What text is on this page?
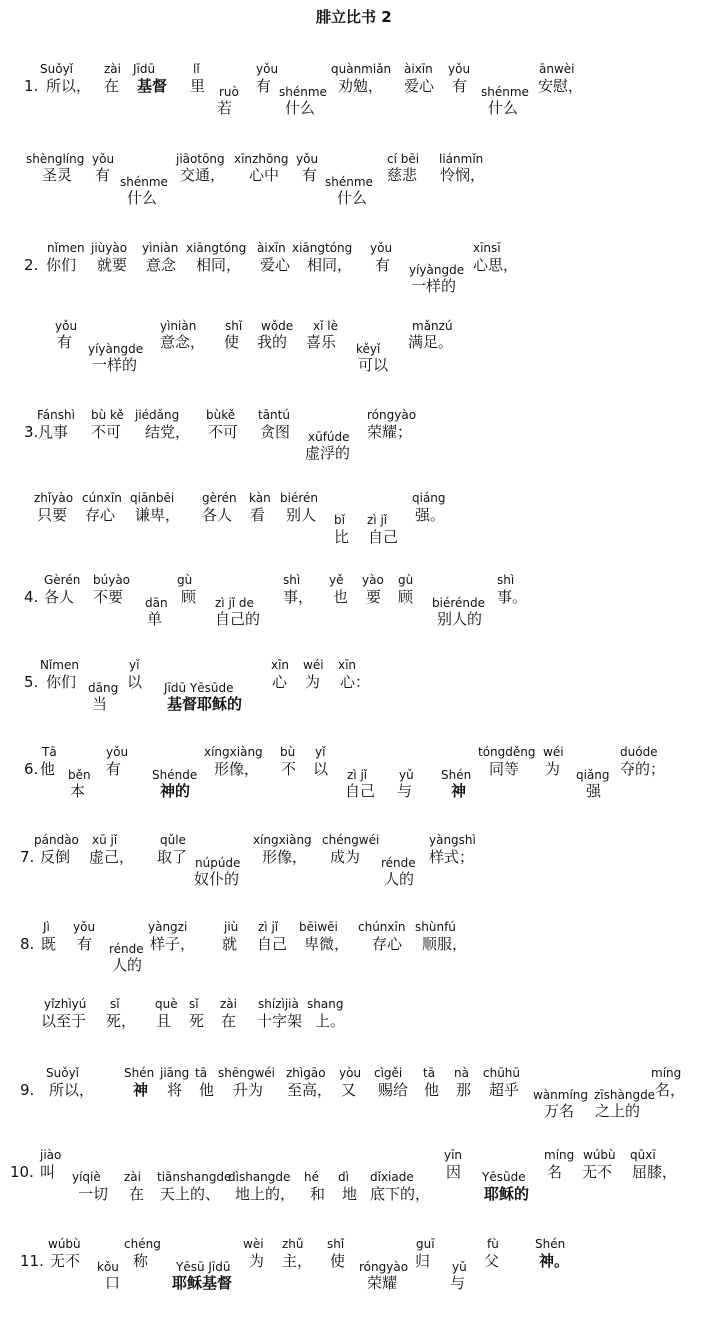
腓立比书 2
1.
Suǒyǐ
所以，
zài
在
Jīdū
基督
lǐ
里 ruò
若
yǒu
有 shénme
什么
quànmiǎn
劝勉，
àixīn
爱心
yǒu
有 shénme
什么
ānwèi
安慰，
shènglíng
圣灵
yǒu
有 shénme
什么
jiāotōng
交通，
xīnzhōng
心中
yǒu
有 shénme
什么
cí bēi
慈悲
liánmǐn
怜悯，
2.
nǐmen
你们
jiùyào
就要
yìniàn
意念
xiāngtóng
相同，
àixīn
爱心
xiāngtóng
相同，
yǒu
有 yíyàngde
一样的
xīnsī
心思，
yǒu
有 yíyàngde
一样的
yìniàn
意念，
shǐ
使
wǒde
我的
xǐ lè
喜乐 kěyǐ
可以
mǎnzú
满足。
3.
Fánshì
凡事
bù kě
不可
jiédǎng
结党，
bùkě
不可
tāntú
贪图 xūfúde
虚浮的
róngyào
荣耀；
zhǐyào
只要
cúnxīn
存心
qiānbēi
谦卑，
gèrén
各人
kàn
看
biérén
别人 bǐ
比
zì jǐ
自己
qiáng
强。
4.
Gèrén
各人
búyào
不要 dān
单
gù
顾 zì jǐ de
自己的
shì
事，
yě
也
yào
要
gù
顾 biérénde
别人的
shì
事。
5.
Nǐmen
你们 dāng
当
yǐ
以 Jīdū Yēsūde
基督耶稣的
xīn
心
wéi
为
xīn
心：
6.
Tā
他 běn
本
yǒu
有	Shénde
神的
xíngxiàng
形像，
bù
不
yǐ
以 zì jǐ
自己
yǔ
与
Shén
神
tóngděng
同等
wéi
为 qiǎng
强
duóde
夺的；
7.
pándào
反倒
xū jǐ
虚己，
qǔle
取了 núpúde
奴仆的
xíngxiàng
形像，
chéngwéi
成为 rénde
人的
yàngshì
样式；
8.
Jì
既
yǒu
有 rénde
人的
yàngzi
样子，
jiù
就
zì jǐ
自己
bēiwēi
卑微，
chúnxīn
存心
shùnfú
顺服，
yǐzhìyú
以至于
sǐ
死，
què
且
sǐ
死
zài
在
shízìjià
十字架
shang
上。
9.
Suǒyǐ
所以，
Shén
神
jiāng
将
tā
他
shēngwéi
升为
zhìgāo
至高，
yòu
又
cìgěi
赐给
tā
他
nà
那
chūhū
超乎 wànmíng
万名
zīshàngde
之上的
míng
名，
10.
jiào
叫 yíqiè
一切
zài
在
tiānshangde
天上的、
dìshangde
地上的，
hé
和
dì
地
dǐxiade
底下的，
yīn
因 Yēsūde
耶稣的
míng
名
wúbù
无不
qūxī
屈膝，
11.
wúbù
无不 kǒu
口
chéng
称 Yēsū Jīdū
耶稣基督
wèi
为
zhǔ
主，
shǐ
使 róngyào
荣耀
guī
归 yǔ
与
fù
父
Shén
神。
